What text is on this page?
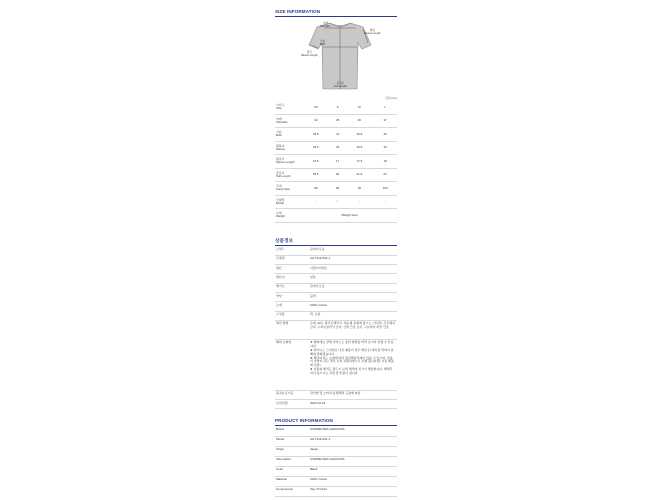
SIZE INFORMATION
어깨
Shoulder
화장
Sleeve Length
가슴
Bust
밑단
Sleeve Length
총길이
Full Length
단위 (cm)
사이즈
Size	XS	S	M	L

어깨
Shoulder	34	35	36	37

가슴
Bust	38.5	41	43.5	46

팔통씨
Sleeve	28.5	29	29.5	30

팔길이
Sleeve Length	16.5	17	17.5	18

총길이
Full Length	58.5	60	61.5	63

국내
Korea Size	85	90	95	100

모델컷
Model	-	✓	-	-

무게
Weight	159g(S Size)			
상품정보
브랜드	꼼데가르송
모델명	AZ-T112-051-1
원산	이렌이이에트
원산지	일본
메크트	꼼데가르송
색상	블랙
소재	100% Cotton
구성품	택, 보통
세탁 방법	손세, 40도 헤서조세탁이, 재포제 용제계 탑으뇨, 다림질, 건조제지 금지, 드라이클리닝 금지, 건세 건조 금지, 그늘에서 자연 건조
해외 보의법	★ 해외에는 상세 서비스는 총한 맨엔를 따라 보이지 진행 수 안습니다.
★ 한다니스 스터일로 나온 제품이 경우 해당 된 대리점 택까이 위 해의 반화겠습니다.
★ 해당되지는 소재에 따라 원인해당적재이 있을 수 있으며, 상품이 가까지 하는 경우 우선 교환하였으로 진행 됩니다(단 사용 제품에 전함)
★ 유통의 해적도 반드시 보내 해적에 진시기 해당합니다. 해택무리이 있으시는 교환 및 반품이 됩니다.
품질보증기준	관련법 및 소비자 분쟁해결 규정에 따름
수입연월	2023-10-16
PRODUCT INFORMATION
Brand	COMME DES GARCONS
Model	AZ-T112-051-1
Origin	Japan
Information	COMME DES GARCONS
Color	Black
Material	100% Cotton
Components	Tag, Product
